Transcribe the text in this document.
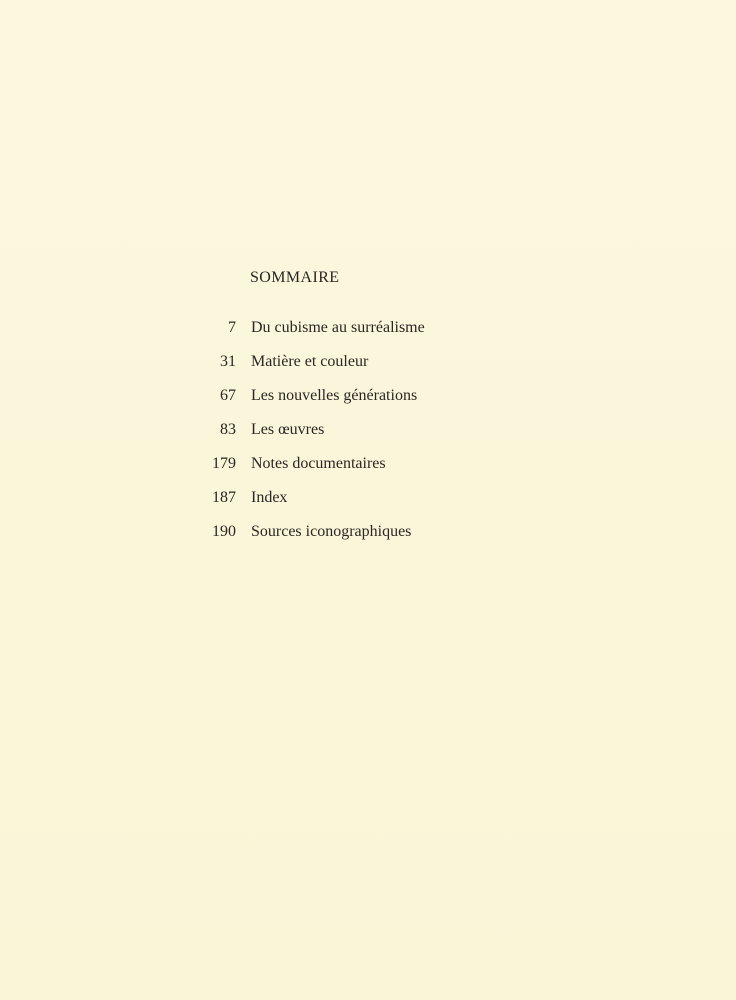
SOMMAIRE
7 Du cubisme au surréalisme
31 Matière et couleur
67 Les nouvelles générations
83 Les œuvres
179 Notes documentaires
187 Index
190 Sources iconographiques
